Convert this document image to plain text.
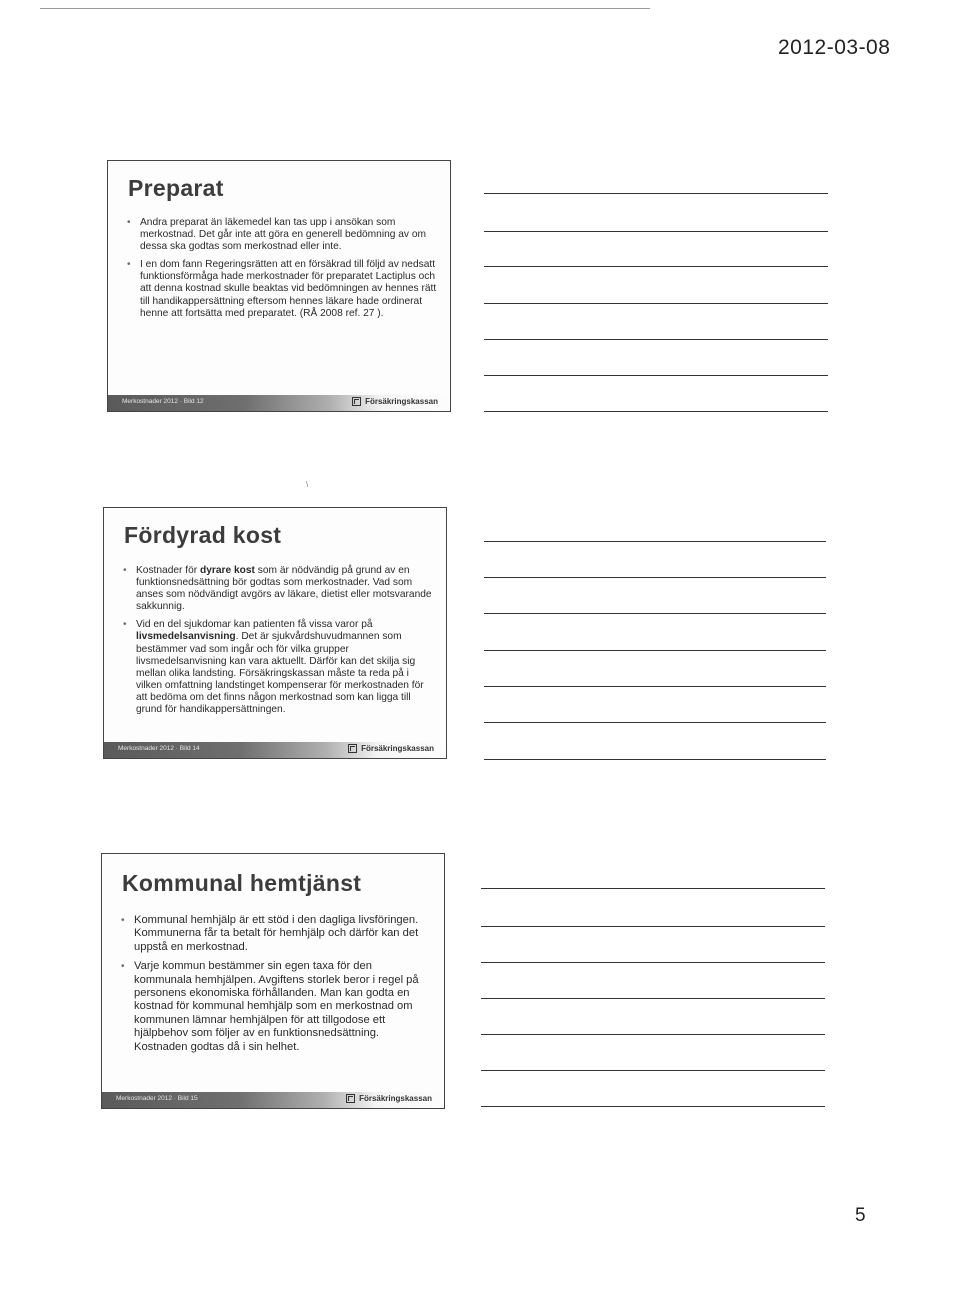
2012-03-08
Preparat
• Andra preparat än läkemedel kan tas upp i ansökan som merkostnad. Det går inte att göra en generell bedömning av om dessa ska godtas som merkostnad eller inte.
• I en dom fann Regeringsrätten att en försäkrad till följd av nedsatt funktionsförmåga hade merkostnader för preparatet Lactiplus och att denna kostnad skulle beaktas vid bedömningen av hennes rätt till handikappersättning eftersom hennes läkare hade ordinerat henne att fortsätta med preparatet. (RÅ 2008 ref. 27 ).
Merkostnader 2012 · Bild 12	Försäkringskassan
\
Fördyrad kost
• Kostnader för dyrare kost som är nödvändig på grund av en funktionsnedsättning bör godtas som merkostnader. Vad som anses som nödvändigt avgörs av läkare, dietist eller motsvarande sakkunnig.
• Vid en del sjukdomar kan patienten få vissa varor på livsmedelsanvisning. Det är sjukvårdshuvudmannen som bestämmer vad som ingår och för vilka grupper livsmedelsanvisning kan vara aktuellt. Därför kan det skilja sig mellan olika landsting. Försäkringskassan måste ta reda på i vilken omfattning landstinget kompenserar för merkostnaden för att bedöma om det finns någon merkostnad som kan ligga till grund för handikappersättningen.
Merkostnader 2012 · Bild 14	Försäkringskassan
Kommunal hemtjänst
• Kommunal hemhjälp är ett stöd i den dagliga livsföringen. Kommunerna får ta betalt för hemhjälp och därför kan det uppstå en merkostnad.
• Varje kommun bestämmer sin egen taxa för den kommunala hemhjälpen. Avgiftens storlek beror i regel på personens ekonomiska förhållanden. Man kan godta en kostnad för kommunal hemhjälp som en merkostnad om kommunen lämnar hemhjälpen för att tillgodose ett hjälpbehov som följer av en funktionsnedsättning. Kostnaden godtas då i sin helhet.
Merkostnader 2012 · Bild 15	Försäkringskassan
5
